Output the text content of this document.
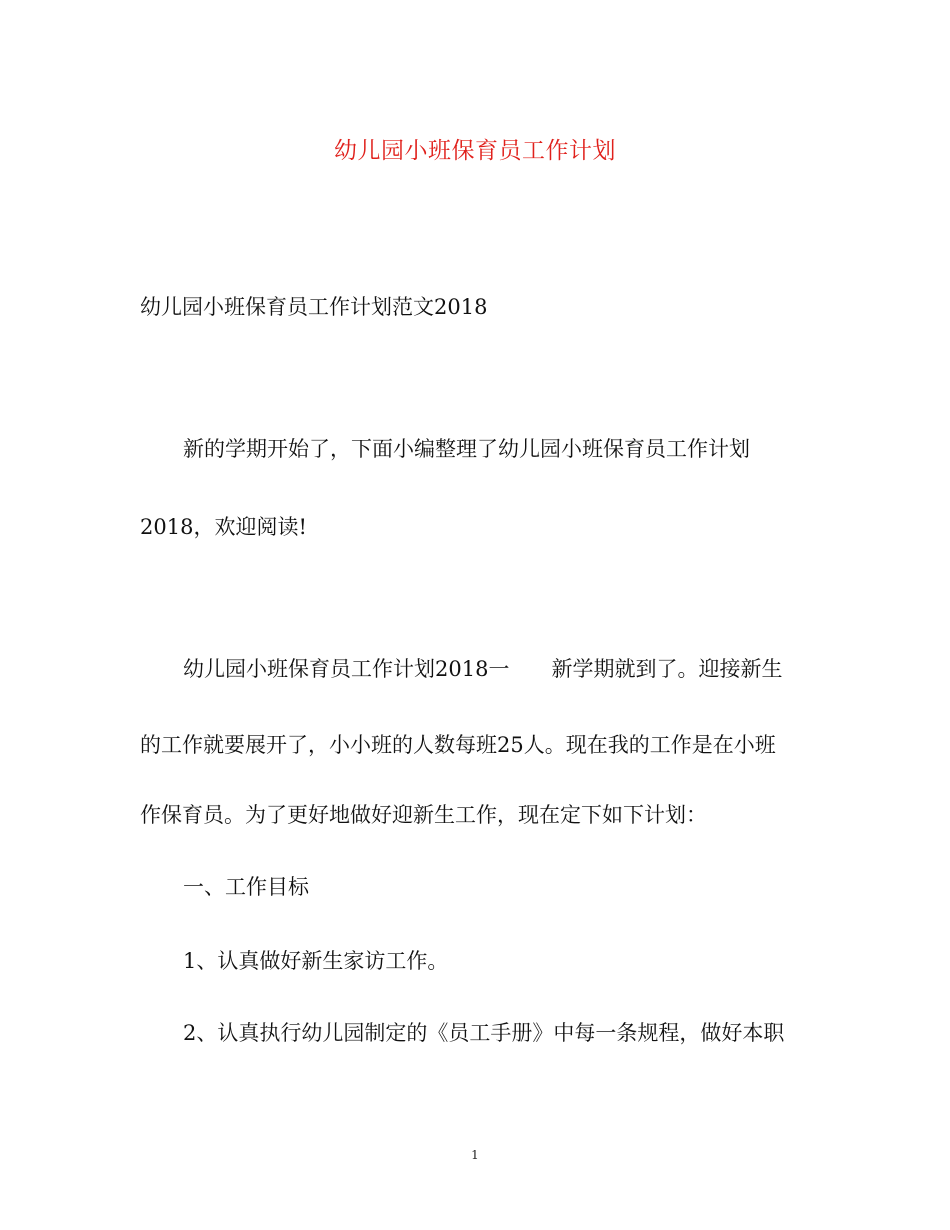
幼儿园小班保育员工作计划
幼儿园小班保育员工作计划范文2018
新的学期开始了，下面小编整理了幼儿园小班保育员工作计划
2018，欢迎阅读!
幼儿园小班保育员工作计划2018一　　新学期就到了。迎接新生
的工作就要展开了，小小班的人数每班25人。现在我的工作是在小班
作保育员。为了更好地做好迎新生工作，现在定下如下计划：
一、工作目标
1、认真做好新生家访工作。
2、认真执行幼儿园制定的《员工手册》中每一条规程，做好本职
1
